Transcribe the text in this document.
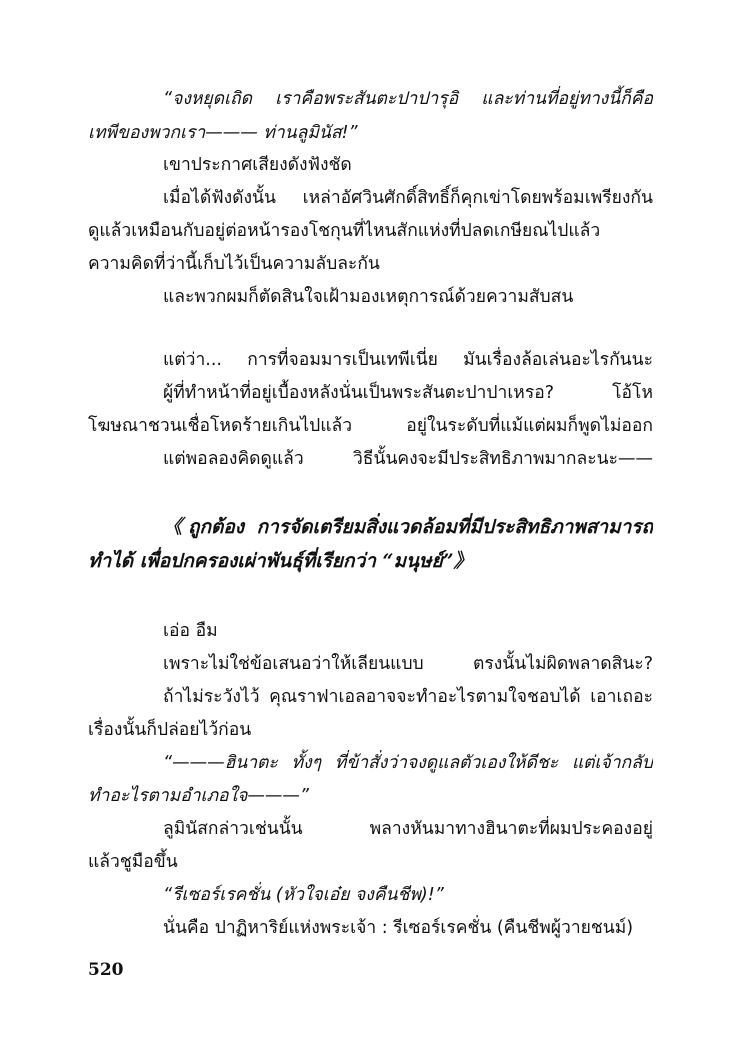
“จงหยุดเถิด เราคือพระสันตะปาปารุอิ และท่านที่อยู่ทางนี้ก็คือ
เทพีของพวกเรา——— ท่านลูมินัส!”
เขาประกาศเสียงดังฟังชัด
เมื่อได้ฟังดังนั้น เหล่าอัศวินศักดิ์สิทธิ์ก็คุกเข่าโดยพร้อมเพรียงกัน
ดูแล้วเหมือนกับอยู่ต่อหน้ารองโชกุนที่ไหนสักแห่งที่ปลดเกษียณไปแล้ว
ความคิดที่ว่านี้เก็บไว้เป็นความลับละกัน
และพวกผมก็ตัดสินใจเฝ้ามองเหตุการณ์ด้วยความสับสน
แต่ว่า... การที่จอมมารเป็นเทพีเนี่ย มันเรื่องล้อเล่นอะไรกันนะ
ผู้ที่ทำหน้าที่อยู่เบื้องหลังนั่นเป็นพระสันตะปาปาเหรอ? โอ้โห
โฆษณาชวนเชื่อโหดร้ายเกินไปแล้ว อยู่ในระดับที่แม้แต่ผมก็พูดไม่ออก
แต่พอลองคิดดูแล้ว วิธีนั้นคงจะมีประสิทธิภาพมากละนะ——
《ถูกต้อง การจัดเตรียมสิ่งแวดล้อมที่มีประสิทธิภาพสามารถ
ทำได้ เพื่อปกครองเผ่าพันธุ์ที่เรียกว่า “มนุษย์”》
เอ่อ อืม
เพราะไม่ใช่ข้อเสนอว่าให้เลียนแบบ ตรงนั้นไม่ผิดพลาดสินะ?
ถ้าไม่ระวังไว้ คุณราฟาเอลอาจจะทำอะไรตามใจชอบได้ เอาเถอะ
เรื่องนั้นก็ปล่อยไว้ก่อน
“———ฮินาตะ ทั้งๆ ที่ข้าสั่งว่าจงดูแลตัวเองให้ดีชะ แต่เจ้ากลับ
ทำอะไรตามอำเภอใจ———”
ลูมินัสกล่าวเช่นนั้น พลางหันมาทางฮินาตะที่ผมประคองอยู่
แล้วชูมือขึ้น
“รีเซอร์เรคชั่น (หัวใจเอ๋ย จงคืนชีพ)!”
นั่นคือ ปาฏิหาริย์แห่งพระเจ้า : รีเซอร์เรคชั่น (คืนชีพผู้วายชนม์)
520
